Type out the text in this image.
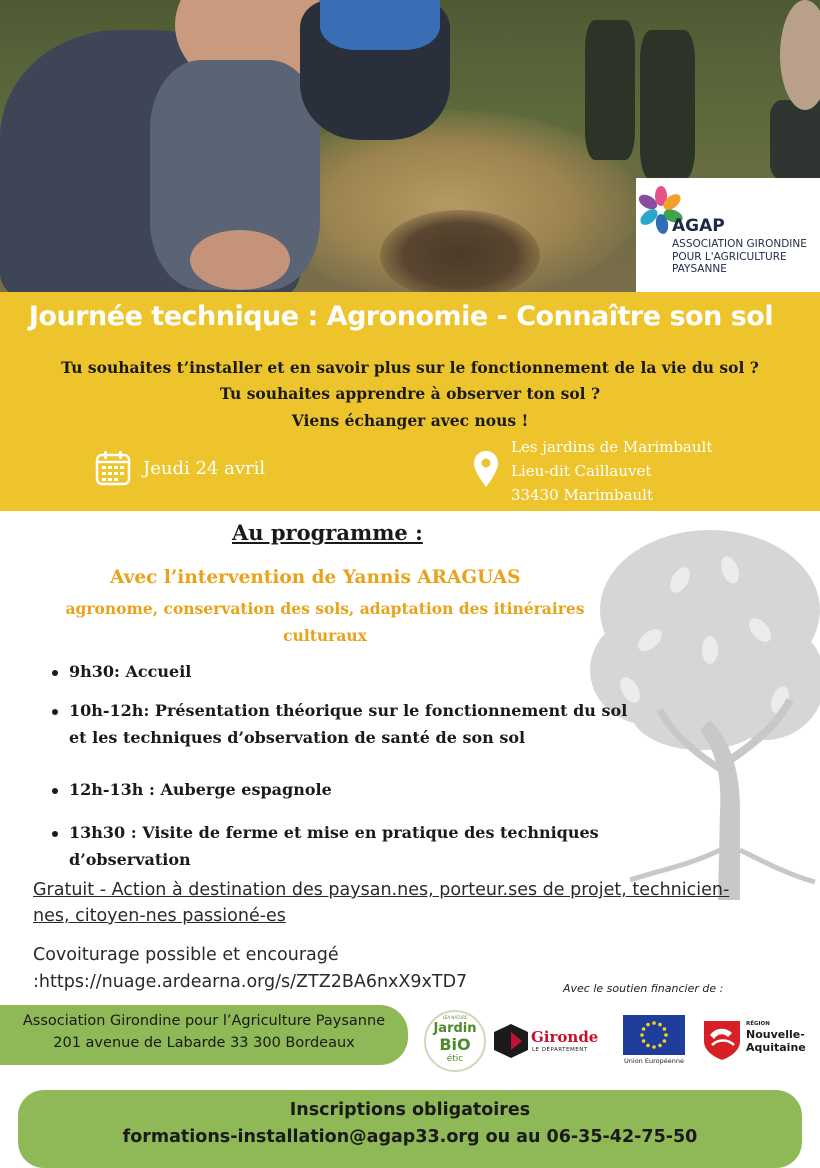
AGAP
ASSOCIATION GIRONDINE
POUR L'AGRICULTURE
PAYSANNE
Journée technique : Agronomie - Connaître son sol
Tu souhaites t’installer et en savoir plus sur le fonctionnement de la vie du sol ?
Tu souhaites apprendre à observer ton sol ?
Viens échanger avec nous !
Jeudi 24 avril
Les jardins de Marimbault
Lieu-dit Caillauvet
33430 Marimbault
Au programme :
Avec l’intervention de Yannis ARAGUAS
agronome, conservation des sols, adaptation des itinéraires
culturaux
9h30: Accueil
10h-12h: Présentation théorique sur le fonctionnement du sol
et les techniques d’observation de santé de son sol
12h-13h : Auberge espagnole
13h30 : Visite de ferme et mise en pratique des techniques
d’observation
Gratuit - Action à destination des paysan.nes, porteur.ses de projet, technicien-
nes, citoyen-nes passioné-es
Covoiturage possible et encouragé
:https://nuage.ardearna.org/s/ZTZ2BA6nxX9xTD7	Avec le soutien financier de :
Association Girondine pour l’Agriculture Paysanne
201 avenue de Labarde 33 300 Bordeaux
LÉA NATURE
Jardin
BiO
étic
Gironde
LE DÉPARTEMENT
Union Européenne
RÉGION
Nouvelle-
Aquitaine
Inscriptions obligatoires
formations-installation@agap33.org ou au 06-35-42-75-50
